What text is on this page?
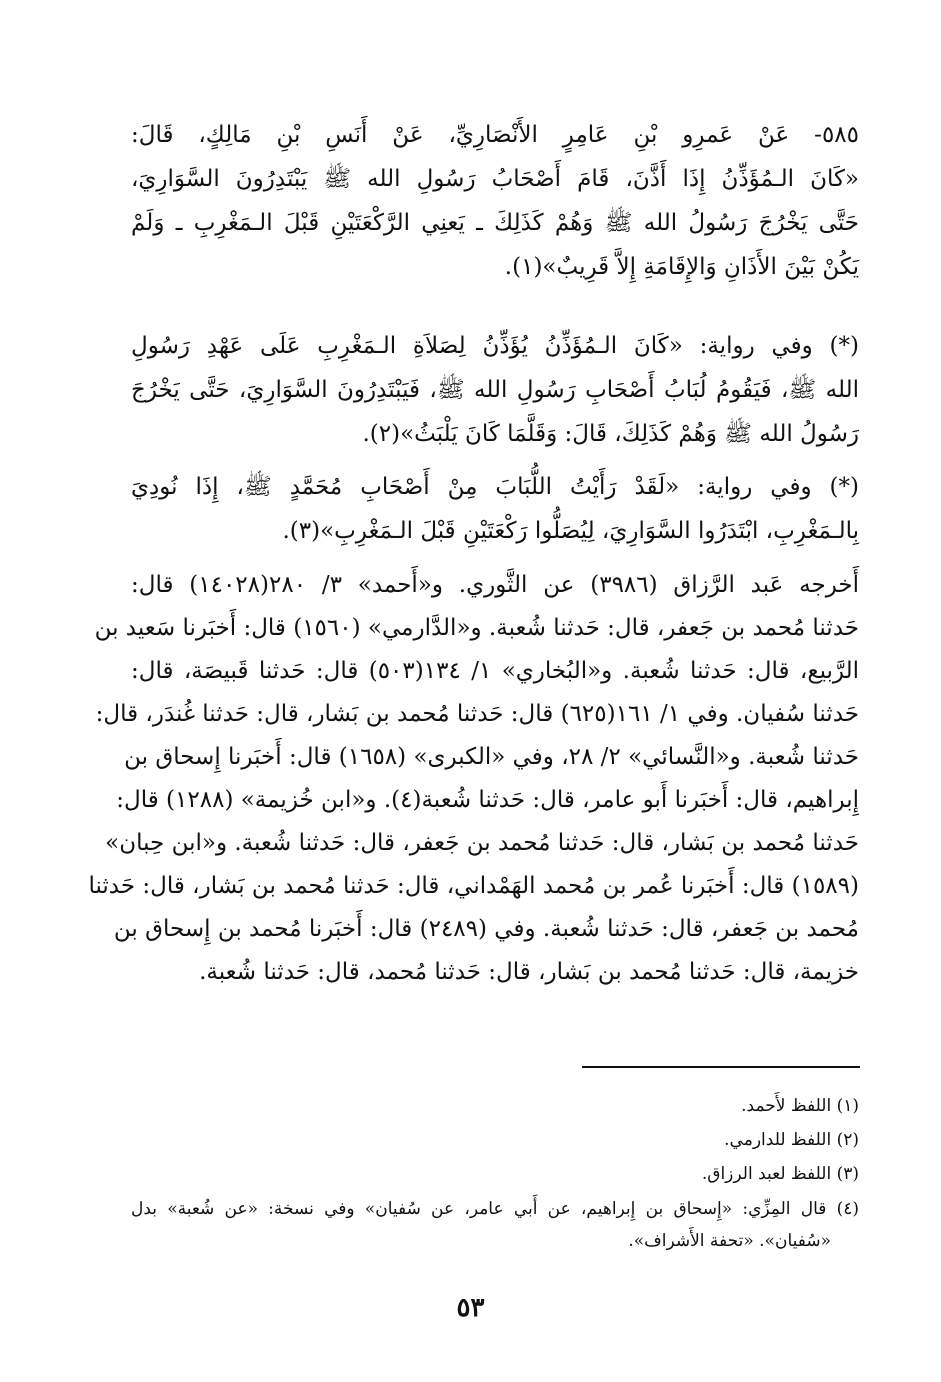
٥٨٥- عَنْ عَمرِو بْنِ عَامِرٍ الأَنْصَارِيِّ، عَنْ أَنَسِ بْنِ مَالِكٍ، قَالَ:
«كَانَ الـمُؤَذِّنُ إِذَا أَذَّنَ، قَامَ أَصْحَابُ رَسُولِ الله ﷺ يَبْتَدِرُونَ السَّوَارِيَ،
حَتَّى يَخْرُجَ رَسُولُ الله ﷺ وَهُمْ كَذَلِكَ ـ يَعنِي الرَّكْعَتَيْنِ قَبْلَ الـمَغْرِبِ ـ وَلَمْ
يَكُنْ بَيْنَ الأَذَانِ وَالإِقَامَةِ إِلاَّ قَرِيبٌ»(١).
(*) وفي رواية: «كَانَ الـمُؤَذِّنُ يُؤَذِّنُ لِصَلاَةِ الـمَغْرِبِ عَلَى عَهْدِ رَسُولِ
الله ﷺ، فَيَقُومُ لُبَابُ أَصْحَابِ رَسُولِ الله ﷺ، فَيَبْتَدِرُونَ السَّوَارِيَ، حَتَّى يَخْرُجَ
رَسُولُ الله ﷺ وَهُمْ كَذَلِكَ، قَالَ: وَقَلَّمَا كَانَ يَلْبَثُ»(٢).
(*) وفي رواية: «لَقَدْ رَأَيْتُ اللُّبَابَ مِنْ أَصْحَابِ مُحَمَّدٍ ﷺ، إِذَا نُودِيَ
بِالـمَغْرِبِ، ابْتَدَرُوا السَّوَارِيَ، لِيُصَلُّوا رَكْعَتَيْنِ قَبْلَ الـمَغْرِبِ»(٣).
أَخرجه عَبد الرَّزاق (٣٩٨٦) عن الثَّوري. و«أَحمد» ٣/ ٢٨٠(١٤٠٢٨) قال:
حَدثنا مُحمد بن جَعفر، قال: حَدثنا شُعبة. و«الدَّارمي» (١٥٦٠) قال: أَخبَرنا سَعيد بن
الرَّبيع، قال: حَدثنا شُعبة. و«البُخاري» ١/ ١٣٤(٥٠٣) قال: حَدثنا قَبيصَة، قال:
حَدثنا سُفيان. وفي ١/ ١٦١(٦٢٥) قال: حَدثنا مُحمد بن بَشار، قال: حَدثنا غُندَر، قال:
حَدثنا شُعبة. و«النَّسائي» ٢/ ٢٨، وفي «الكبرى» (١٦٥٨) قال: أَخبَرنا إِسحاق بن
إِبراهيم، قال: أَخبَرنا أَبو عامر، قال: حَدثنا شُعبة(٤). و«ابن خُزيمة» (١٢٨٨) قال:
حَدثنا مُحمد بن بَشار، قال: حَدثنا مُحمد بن جَعفر، قال: حَدثنا شُعبة. و«ابن حِبان»
(١٥٨٩) قال: أَخبَرنا عُمر بن مُحمد الهَمْداني، قال: حَدثنا مُحمد بن بَشار، قال: حَدثنا
مُحمد بن جَعفر، قال: حَدثنا شُعبة. وفي (٢٤٨٩) قال: أَخبَرنا مُحمد بن إِسحاق بن
خزيمة، قال: حَدثنا مُحمد بن بَشار، قال: حَدثنا مُحمد، قال: حَدثنا شُعبة.
(١) اللفظ لأَحمد.
(٢) اللفظ للدارمي.
(٣) اللفظ لعبد الرزاق.
(٤) قال المِزِّي: «إِسحاق بن إِبراهيم، عن أَبي عامر، عن سُفيان» وفي نسخة: «عن شُعبة» بدل
«سُفيان». «تحفة الأَشراف».
٥٣
